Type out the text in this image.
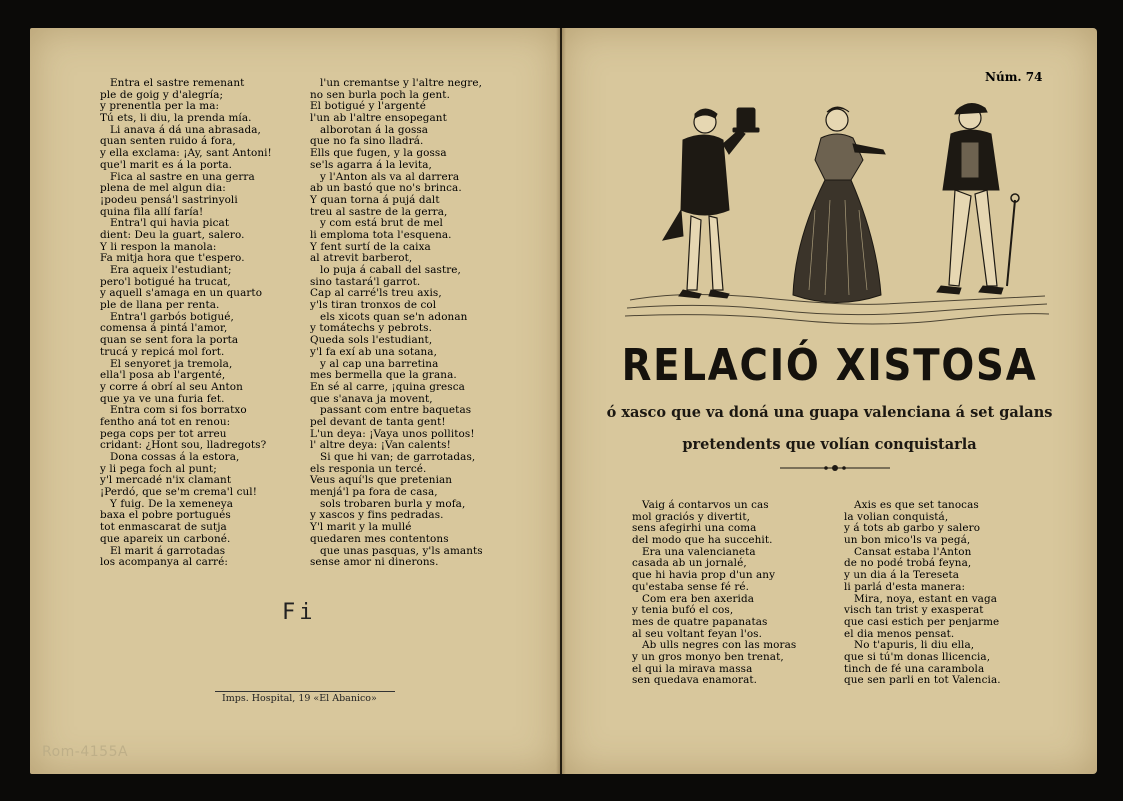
Entra el sastre remenant
ple de goig y d'alegría;
y prenentla per la ma:
Tú ets, li diu, la prenda mía.
Li anava á dá una abrasada,
quan senten ruido á fora,
y ella exclama: ¡Ay, sant Antoni!
que'l marit es á la porta.
Fica al sastre en una gerra
plena de mel algun dia:
¡podeu pensá'l sastrinyoli
quina fila allí faría!
Entra'l qui havia picat
dient: Deu la guart, salero.
Y li respon la manola:
Fa mitja hora que t'espero.
Era aqueix l'estudiant;
pero'l botigué ha trucat,
y aquell s'amaga en un quarto
ple de llana per renta.
Entra'l garbós botigué,
comensa á pintá l'amor,
quan se sent fora la porta
trucá y repicá mol fort.
El senyoret ja tremola,
ella'l posa ab l'argenté,
y corre á obrí al seu Anton
que ya ve una furia fet.
Entra com si fos borratxo
fentho aná tot en renou:
pega cops per tot arreu
cridant: ¿Hont sou, lladregots?
Dona cossas á la estora,
y li pega foch al punt;
y'l mercadé n'ix clamant
¡Perdó, que se'm crema'l cul!
Y fuig. De la xemeneya
baxa el pobre portugués
tot enmascarat de sutja
que apareix un carboné.
El marit á garrotadas
los acompanya al carré:
l'un cremantse y l'altre negre,
no sen burla poch la gent.
El botigué y l'argenté
l'un ab l'altre ensopegant
alborotan á la gossa
que no fa sino lladrá.
Ells que fugen, y la gossa
se'ls agarra á la levita,
y l'Anton als va al darrera
ab un bastó que no's brinca.
Y quan torna á pujá dalt
treu al sastre de la gerra,
y com está brut de mel
li emploma tota l'esquena.
Y fent surtí de la caixa
al atrevit barberot,
lo puja á caball del sastre,
sino tastará'l garrot.
Cap al carré'ls treu axis,
y'ls tiran tronxos de col
els xicots quan se'n adonan
y tomátechs y pebrots.
Queda sols l'estudiant,
y'l fa exí ab una sotana,
y al cap una barretina
mes bermella que la grana.
En sé al carre, ¡quina gresca
que s'anava ja movent,
passant com entre baquetas
pel devant de tanta gent!
L'un deya: ¡Vaya unos pollitos!
l' altre deya: ¡Van calents!
Si que hi van; de garrotadas,
els responia un tercé.
Veus aquí'ls que pretenian
menjá'l pa fora de casa,
sols trobaren burla y mofa,
y xascos y fins pedradas.
Y'l marit y la mullé
quedaren mes contentons
que unas pasquas, y'ls amants
sense amor ni dinerons.
Fi
Imps. Hospital, 19 «El Abanico»
Rom-4155A
Núm. 74
RELACIÓ XISTOSA
ó xasco que va doná una guapa valenciana á set galans
pretendents que volían conquistarla
Vaig á contarvos un cas
mol graciós y divertit,
sens afegirhi una coma
del modo que ha succehit.
Era una valencianeta
casada ab un jornalé,
que hi havia prop d'un any
qu'estaba sense fé ré.
Com era ben axerida
y tenia bufó el cos,
mes de quatre papanatas
al seu voltant feyan l'os.
Ab ulls negres con las moras
y un gros monyo ben trenat,
el qui la mirava massa
sen quedava enamorat.
Axis es que set tanocas
la volian conquistá,
y á tots ab garbo y salero
un bon mico'ls va pegá,
Cansat estaba l'Anton
de no podé trobá feyna,
y un dia á la Tereseta
li parlá d'esta manera:
Mira, noya, estant en vaga
visch tan trist y exasperat
que casi estich per penjarme
el dia menos pensat.
No t'apuris, li diu ella,
que si tú'm donas llicencia,
tinch de fé una carambola
que sen parli en tot Valencia.
